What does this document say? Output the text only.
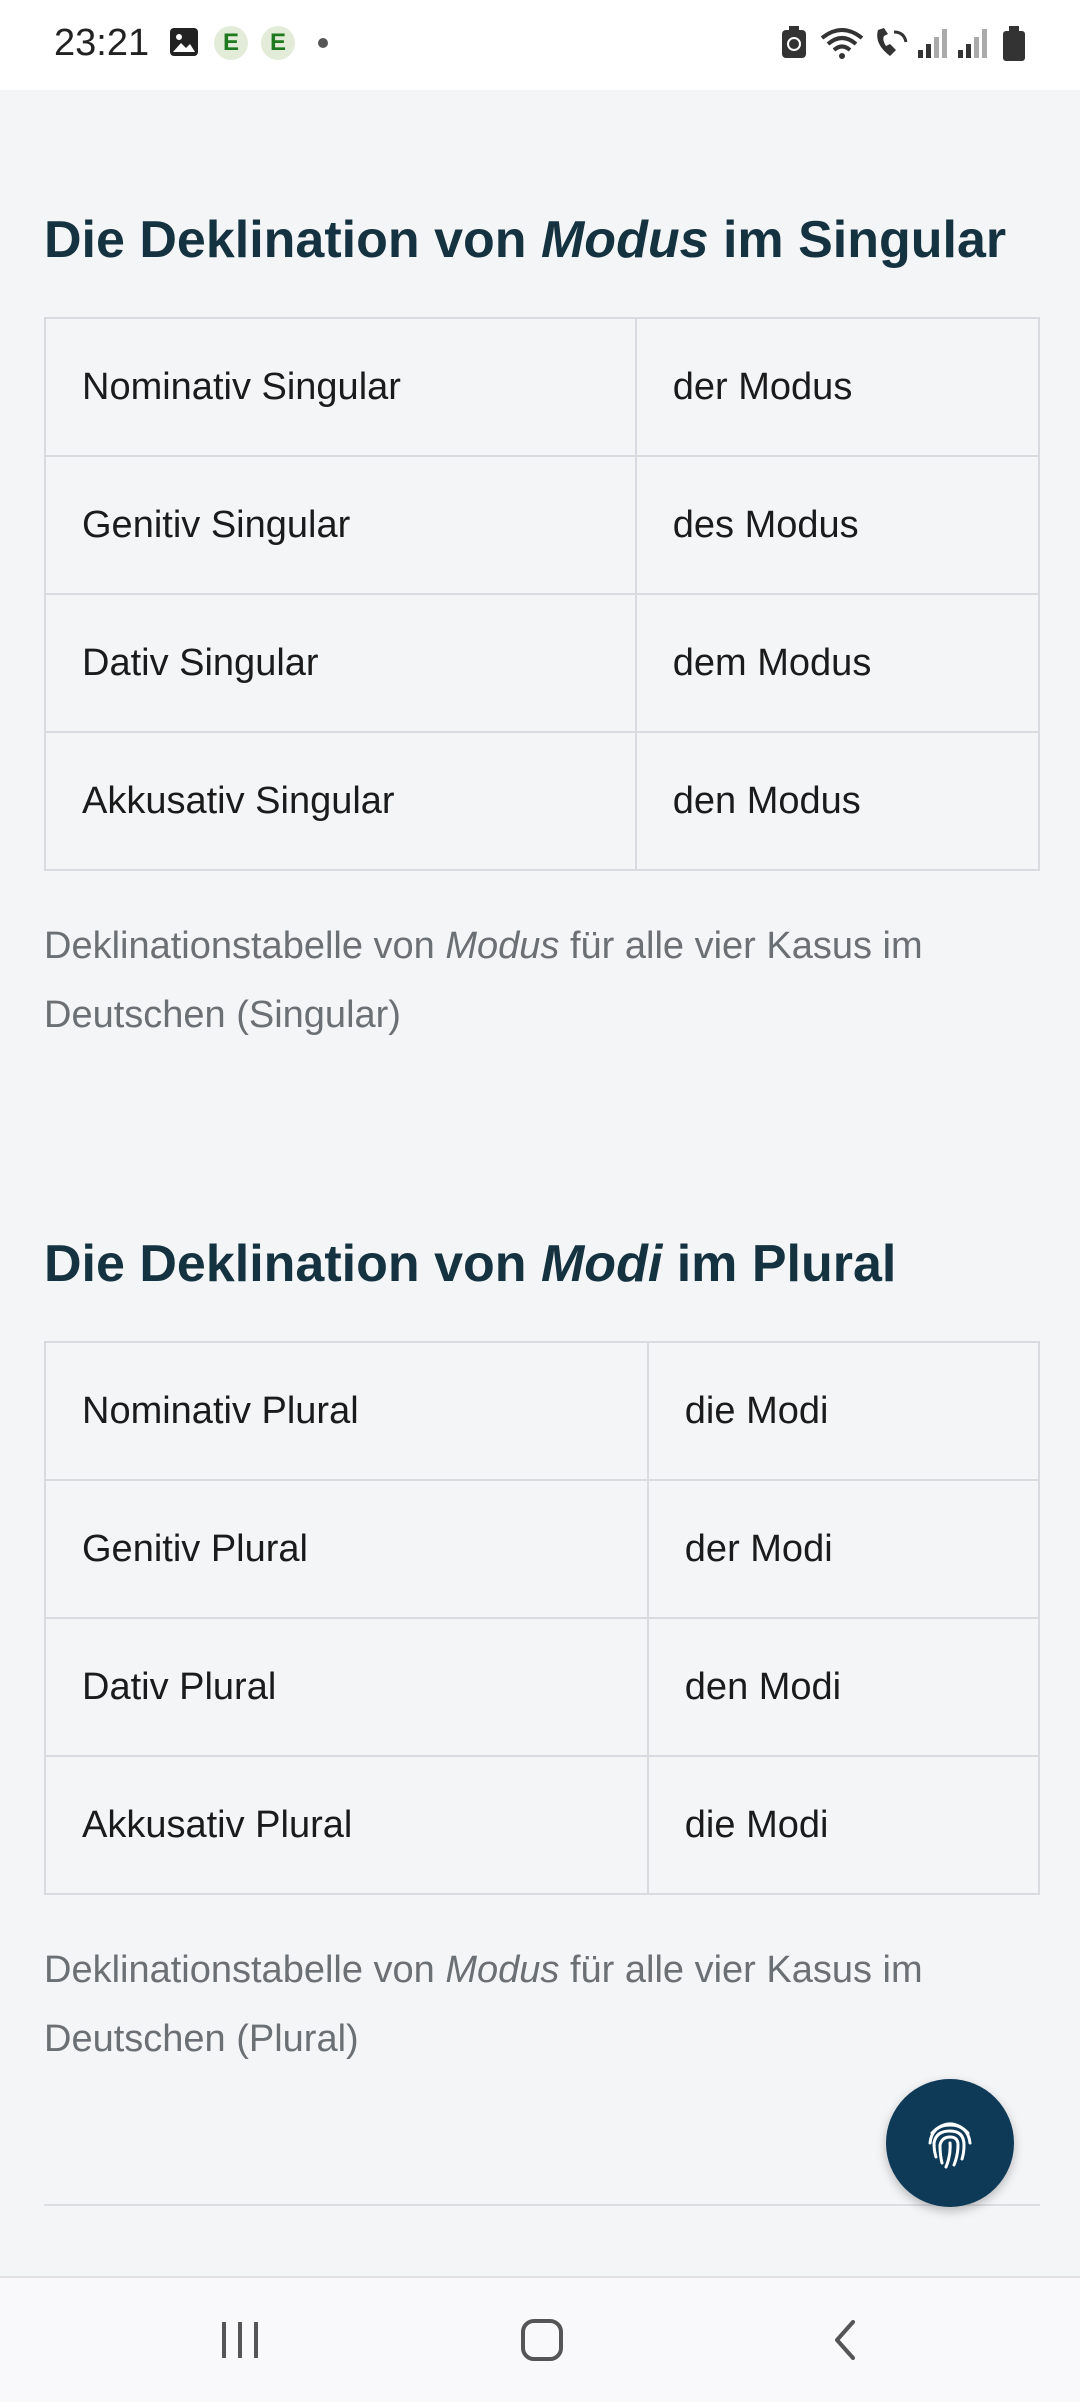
23:21	E	E
Die Deklination von Modus im Singular
Nominativ Singular	der Modus
Genitiv Singular	des Modus
Dativ Singular	dem Modus
Akkusativ Singular	den Modus
Deklinationstabelle von Modus für alle vier Kasus im Deutschen (Singular)
Die Deklination von Modi im Plural
Nominativ Plural	die Modi
Genitiv Plural	der Modi
Dativ Plural	den Modi
Akkusativ Plural	die Modi
Deklinationstabelle von Modus für alle vier Kasus im Deutschen (Plural)
